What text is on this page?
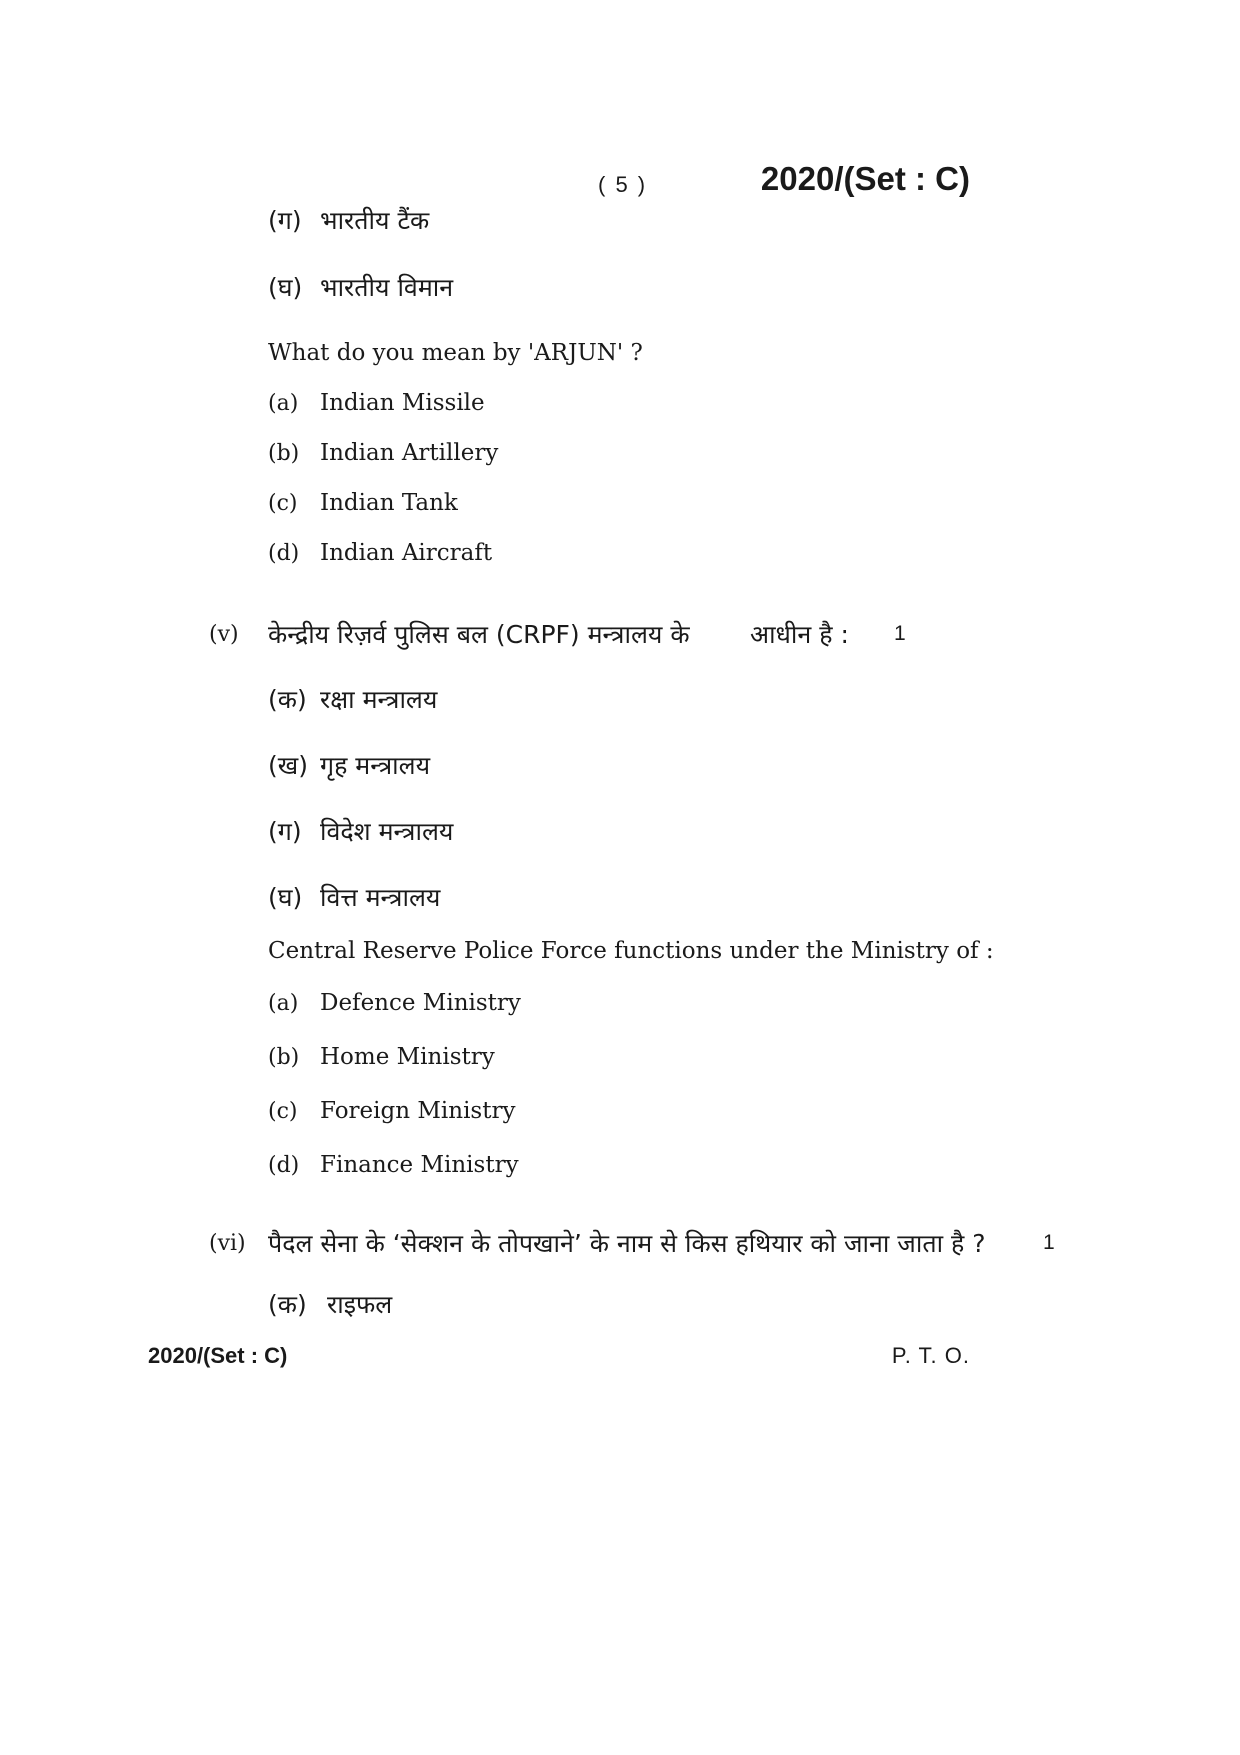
( 5 )	2020/(Set : C)
(ग) भारतीय टैंक
(घ) भारतीय विमान
What do you mean by 'ARJUN' ?
(a) Indian Missile
(b) Indian Artillery
(c) Indian Tank
(d) Indian Aircraft
(v) केन्द्रीय रिज़र्व पुलिस बल (CRPF) मन्त्रालय के आधीन है : 1
(क) रक्षा मन्त्रालय
(ख) गृह मन्त्रालय
(ग) विदेश मन्त्रालय
(घ) वित्त मन्त्रालय
Central Reserve Police Force functions under the Ministry of :
(a) Defence Ministry
(b) Home Ministry
(c) Foreign Ministry
(d) Finance Ministry
(vi) पैदल सेना के ‘सेक्शन के तोपखाने’ के नाम से किस हथियार को जाना जाता है ?	1
(क) राइफल
2020/(Set : C)	P. T. O.
